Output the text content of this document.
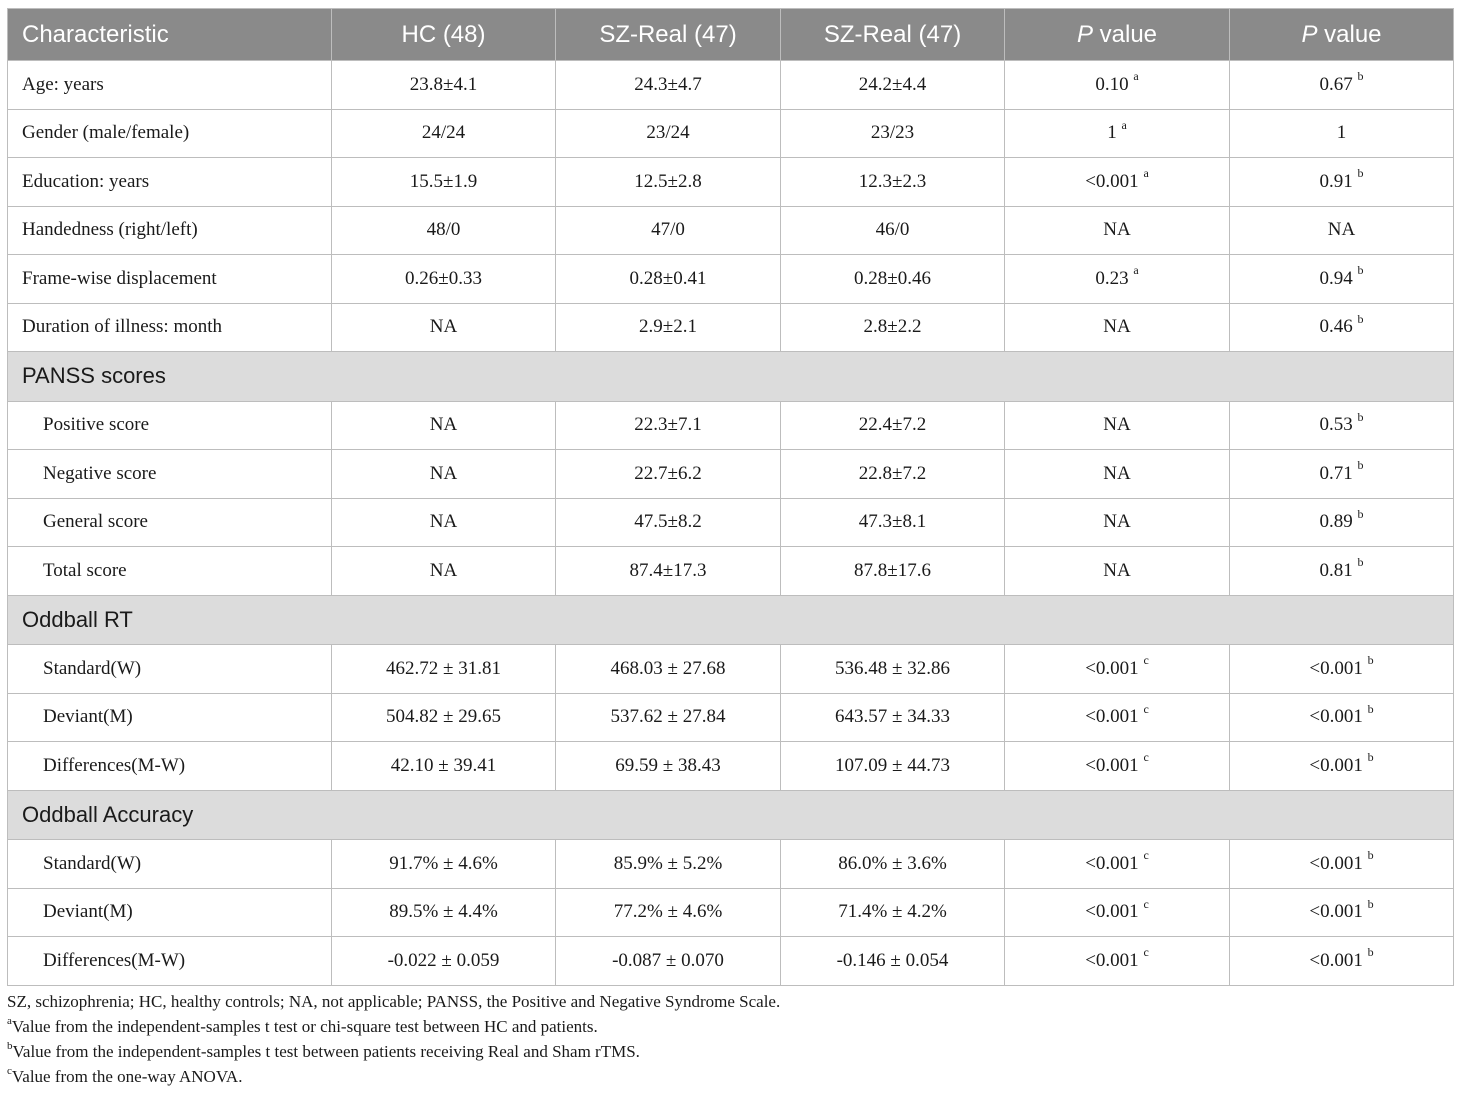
Characteristic	HC (48)	SZ-Real (47)	SZ-Real (47)	P value	P value
Age: years	23.8±4.1	24.3±4.7	24.2±4.4	0.10 $^a$	0.67 $^b$
Gender (male/female)	24/24	23/24	23/23	1 $^a$	1
Education: years	15.5±1.9	12.5±2.8	12.3±2.3	<0.001 $^a$	0.91 $^b$
Handedness (right/left)	48/0	47/0	46/0	NA	NA
Frame-wise displacement	0.26±0.33	0.28±0.41	0.28±0.46	0.23 $^a$	0.94 $^b$
Duration of illness: month	NA	2.9±2.1	2.8±2.2	NA	0.46 $^b$
PANSS scores					
Positive score	NA	22.3±7.1	22.4±7.2	NA	0.53 $^b$
Negative score	NA	22.7±6.2	22.8±7.2	NA	0.71 $^b$
General score	NA	47.5±8.2	47.3±8.1	NA	0.89 $^b$
Total score	NA	87.4±17.3	87.8±17.6	NA	0.81 $^b$
Oddball RT					
Standard(W)	462.72 ± 31.81	468.03 ± 27.68	536.48 ± 32.86	<0.001 $^c$	<0.001 $^b$
Deviant(M)	504.82 ± 29.65	537.62 ± 27.84	643.57 ± 34.33	<0.001 $^c$	<0.001 $^b$
Differences(M-W)	42.10 ± 39.41	69.59 ± 38.43	107.09 ± 44.73	<0.001 $^c$	<0.001 $^b$
Oddball Accuracy					
Standard(W)	91.7% ± 4.6%	85.9% ± 5.2%	86.0% ± 3.6%	<0.001 $^c$	<0.001 $^b$
Deviant(M)	89.5% ± 4.4%	77.2% ± 4.6%	71.4% ± 4.2%	<0.001 $^c$	<0.001 $^b$
Differences(M-W)	-0.022 ± 0.059	-0.087 ± 0.070	-0.146 ± 0.054	<0.001 $^c$	<0.001 $^b$
SZ, schizophrenia; HC, healthy controls; NA, not applicable; PANSS, the Positive and Negative Syndrome Scale.
$^a$Value from the independent-samples t test or chi-square test between HC and patients.
$^b$Value from the independent-samples t test between patients receiving Real and Sham rTMS.
$^c$Value from the one-way ANOVA.
